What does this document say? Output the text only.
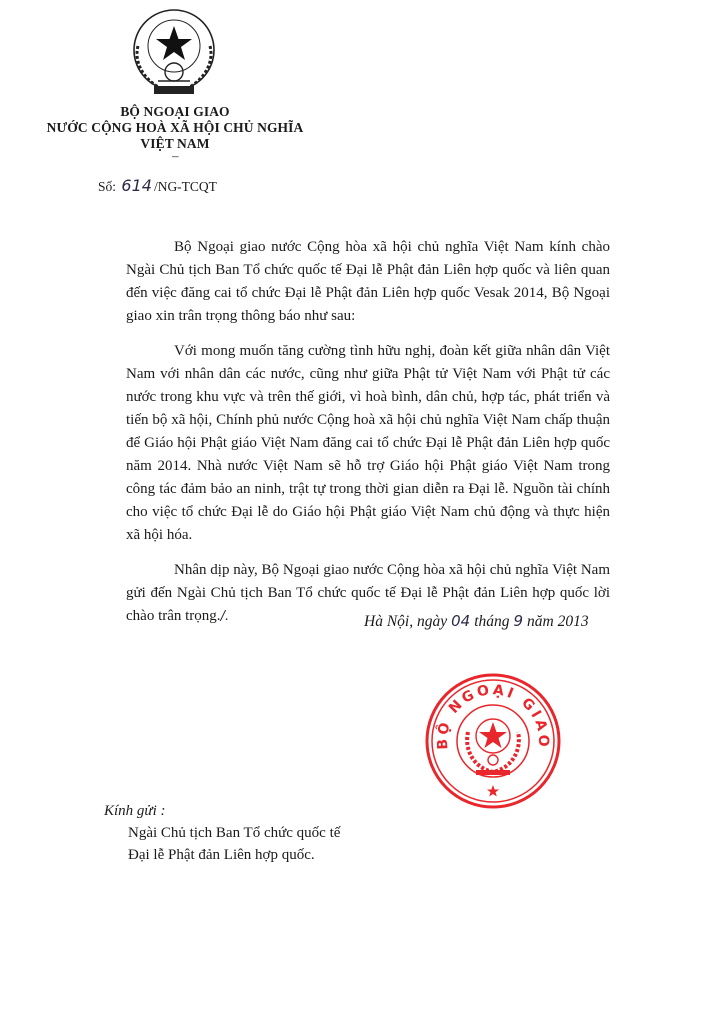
BỘ NGOẠI GIAO
NƯỚC CỘNG HOÀ XÃ HỘI CHỦ NGHĨA
VIỆT NAM
–
Số: 614 /NG-TCQT

Bộ Ngoại giao nước Cộng hòa xã hội chủ nghĩa Việt Nam kính chào Ngài Chủ tịch Ban Tổ chức quốc tế Đại lễ Phật đản Liên hợp quốc và liên quan đến việc đăng cai tổ chức Đại lễ Phật đản Liên hợp quốc Vesak 2014, Bộ Ngoại giao xin trân trọng thông báo như sau:

Với mong muốn tăng cường tình hữu nghị, đoàn kết giữa nhân dân Việt Nam với nhân dân các nước, cũng như giữa Phật tử Việt Nam với Phật tử các nước trong khu vực và trên thế giới, vì hoà bình, dân chủ, hợp tác, phát triển và tiến bộ xã hội, Chính phủ nước Cộng hoà xã hội chủ nghĩa Việt Nam chấp thuận để Giáo hội Phật giáo Việt Nam đăng cai tổ chức Đại lễ Phật đản Liên hợp quốc năm 2014. Nhà nước Việt Nam sẽ hỗ trợ Giáo hội Phật giáo Việt Nam trong công tác đảm bảo an ninh, trật tự trong thời gian diễn ra Đại lễ. Nguồn tài chính cho việc tổ chức Đại lễ do Giáo hội Phật giáo Việt Nam chủ động và thực hiện xã hội hóa.

Nhân dịp này, Bộ Ngoại giao nước Cộng hòa xã hội chủ nghĩa Việt Nam gửi đến Ngài Chủ tịch Ban Tổ chức quốc tế Đại lễ Phật đản Liên hợp quốc lời chào trân trọng./.	Hà Nội, ngày 04 tháng 9 năm 2013
BỘ NGOẠI GIAO
Kính gửi :
Ngài Chủ tịch Ban Tổ chức quốc tế
Đại lễ Phật đản Liên hợp quốc.
